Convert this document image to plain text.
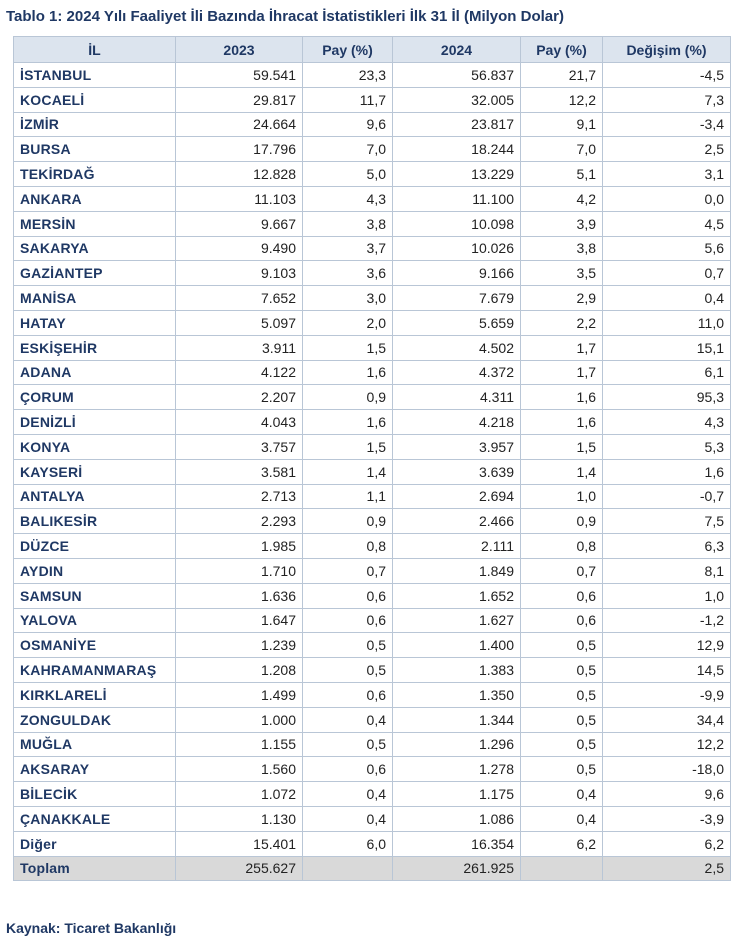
Tablo 1: 2024 Yılı Faaliyet İli Bazında İhracat İstatistikleri İlk 31 İl (Milyon Dolar)
İL	2023	Pay (%)	2024	Pay (%)	Değişim (%)
İSTANBUL	59.541	23,3	56.837	21,7	-4,5
KOCAELİ	29.817	11,7	32.005	12,2	7,3
İZMİR	24.664	9,6	23.817	9,1	-3,4
BURSA	17.796	7,0	18.244	7,0	2,5
TEKİRDAĞ	12.828	5,0	13.229	5,1	3,1
ANKARA	11.103	4,3	11.100	4,2	0,0
MERSİN	9.667	3,8	10.098	3,9	4,5
SAKARYA	9.490	3,7	10.026	3,8	5,6
GAZİANTEP	9.103	3,6	9.166	3,5	0,7
MANİSA	7.652	3,0	7.679	2,9	0,4
HATAY	5.097	2,0	5.659	2,2	11,0
ESKİŞEHİR	3.911	1,5	4.502	1,7	15,1
ADANA	4.122	1,6	4.372	1,7	6,1
ÇORUM	2.207	0,9	4.311	1,6	95,3
DENİZLİ	4.043	1,6	4.218	1,6	4,3
KONYA	3.757	1,5	3.957	1,5	5,3
KAYSERİ	3.581	1,4	3.639	1,4	1,6
ANTALYA	2.713	1,1	2.694	1,0	-0,7
BALIKESİR	2.293	0,9	2.466	0,9	7,5
DÜZCE	1.985	0,8	2.111	0,8	6,3
AYDIN	1.710	0,7	1.849	0,7	8,1
SAMSUN	1.636	0,6	1.652	0,6	1,0
YALOVA	1.647	0,6	1.627	0,6	-1,2
OSMANİYE	1.239	0,5	1.400	0,5	12,9
KAHRAMANMARAŞ	1.208	0,5	1.383	0,5	14,5
KIRKLARELİ	1.499	0,6	1.350	0,5	-9,9
ZONGULDAK	1.000	0,4	1.344	0,5	34,4
MUĞLA	1.155	0,5	1.296	0,5	12,2
AKSARAY	1.560	0,6	1.278	0,5	-18,0
BİLECİK	1.072	0,4	1.175	0,4	9,6
ÇANAKKALE	1.130	0,4	1.086	0,4	-3,9
Diğer	15.401	6,0	16.354	6,2	6,2
Toplam	255.627		261.925		2,5
Kaynak: Ticaret Bakanlığı
